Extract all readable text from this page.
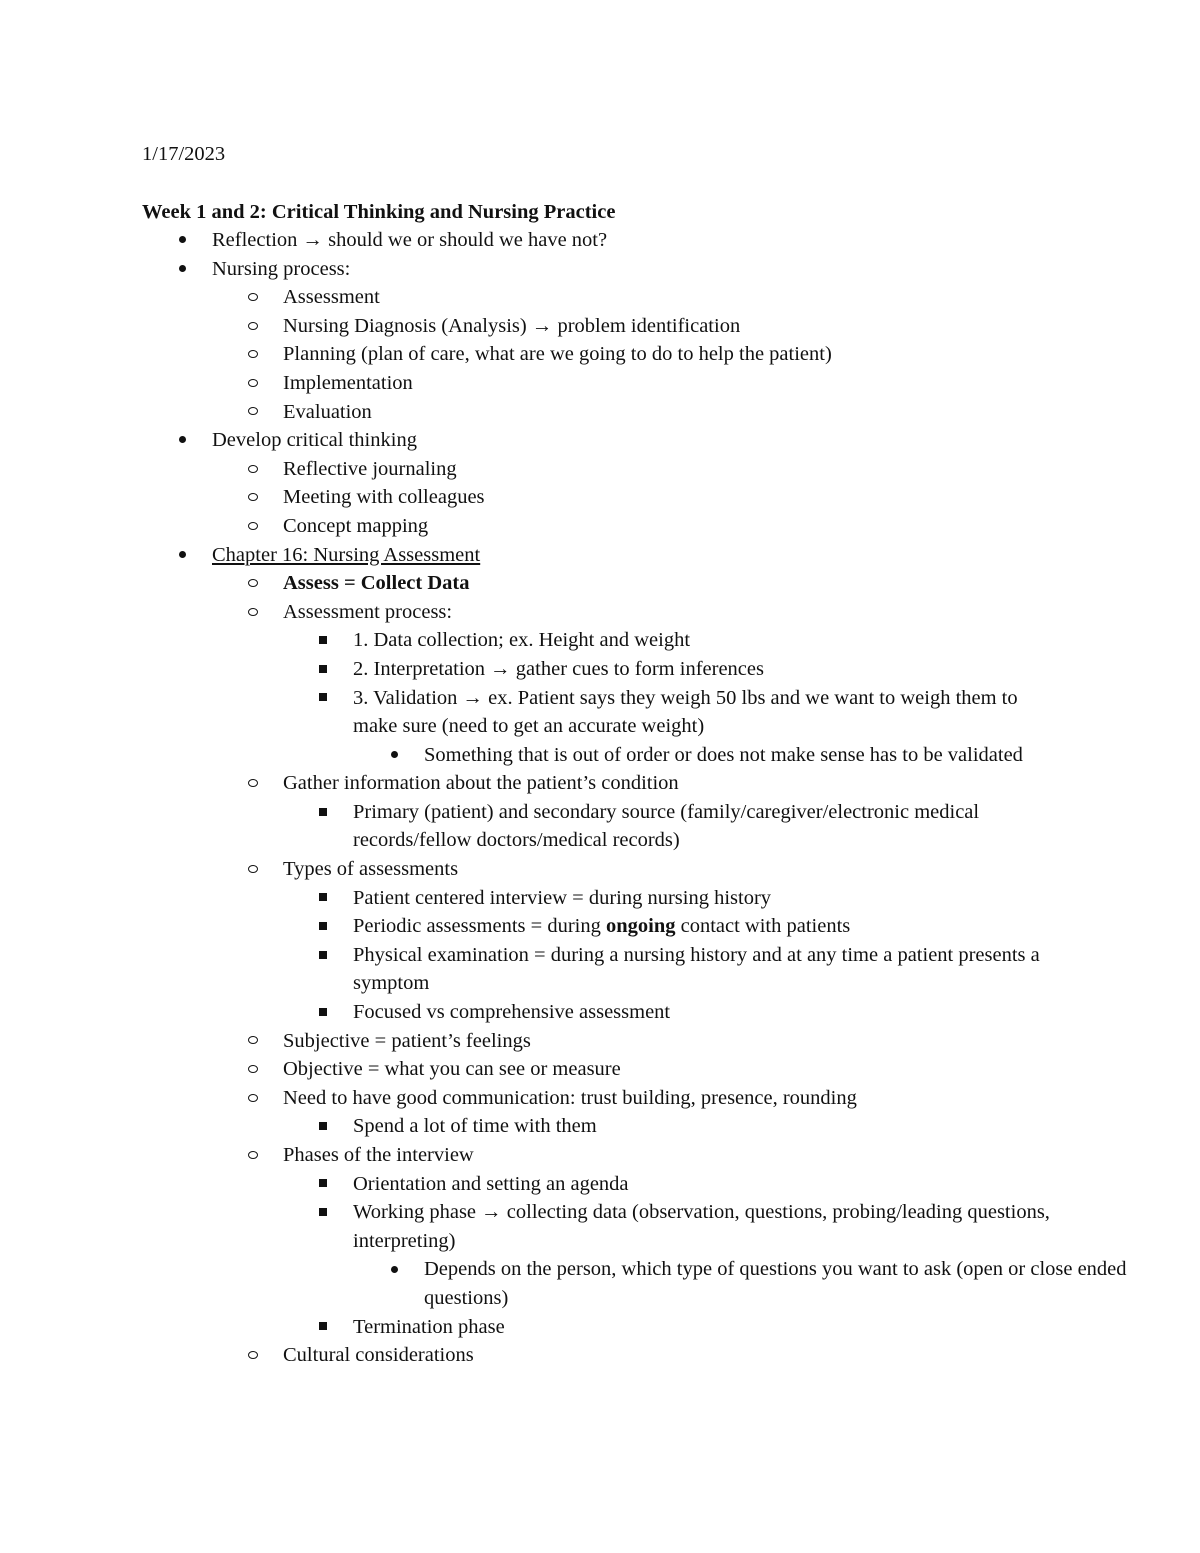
1/17/2023
Week 1 and 2: Critical Thinking and Nursing Practice
Reflection → should we or should we have not?
Nursing process:
Assessment
Nursing Diagnosis (Analysis) → problem identification
Planning (plan of care, what are we going to do to help the patient)
Implementation
Evaluation
Develop critical thinking
Reflective journaling
Meeting with colleagues
Concept mapping
Chapter 16: Nursing Assessment
Assess = Collect Data
Assessment process:
1. Data collection; ex. Height and weight
2. Interpretation → gather cues to form inferences
3. Validation → ex. Patient says they weigh 50 lbs and we want to weigh them to make sure (need to get an accurate weight)
Something that is out of order or does not make sense has to be validated
Gather information about the patient’s condition
Primary (patient) and secondary source (family/caregiver/electronic medical records/fellow doctors/medical records)
Types of assessments
Patient centered interview = during nursing history
Periodic assessments = during ongoing contact with patients
Physical examination = during a nursing history and at any time a patient presents a symptom
Focused vs comprehensive assessment
Subjective = patient’s feelings
Objective = what you can see or measure
Need to have good communication: trust building, presence, rounding
Spend a lot of time with them
Phases of the interview
Orientation and setting an agenda
Working phase → collecting data (observation, questions, probing/leading questions, interpreting)
Depends on the person, which type of questions you want to ask (open or close ended questions)
Termination phase
Cultural considerations
